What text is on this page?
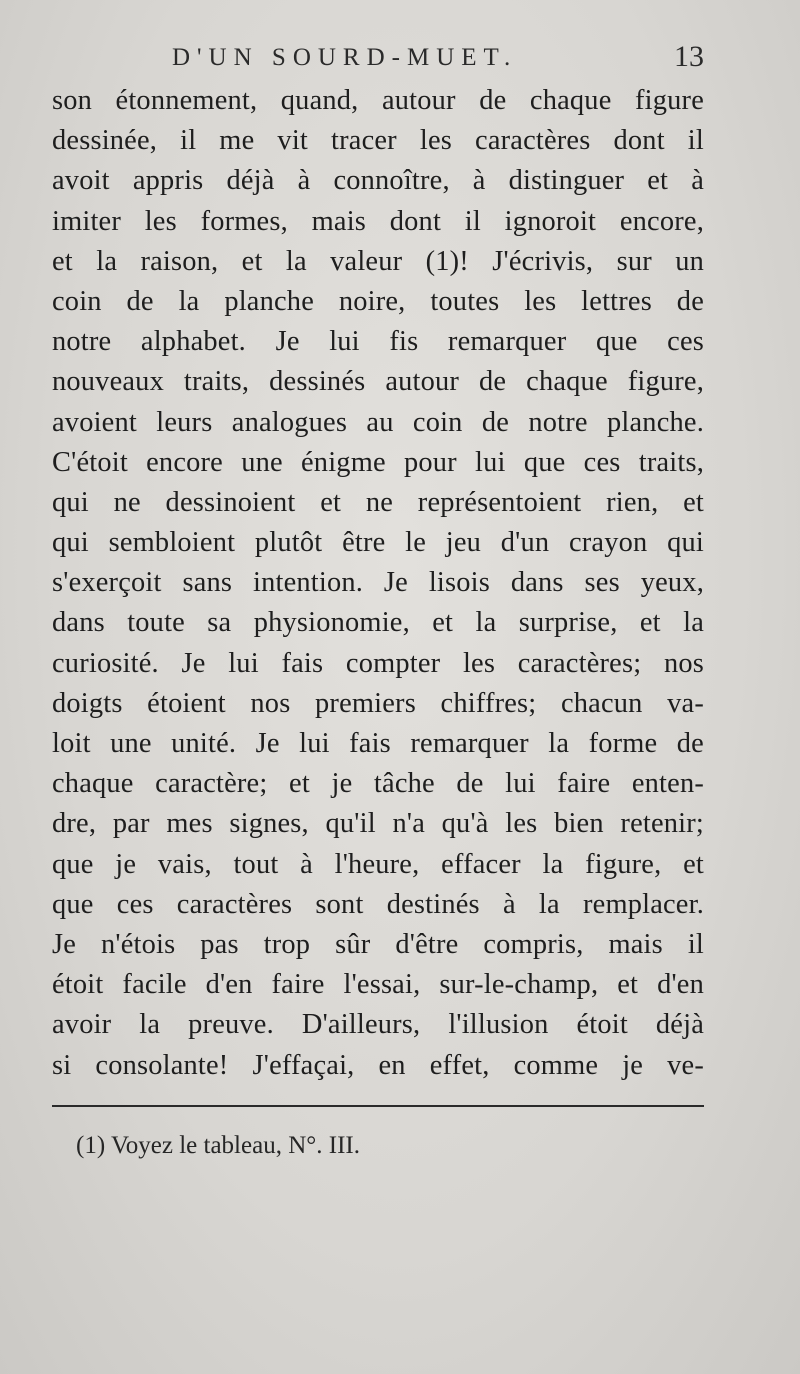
D'UN SOURD-MUET.	13
son étonnement, quand, autour de chaque figure
dessinée, il me vit tracer les caractères dont il
avoit appris déjà à connoître, à distinguer et à
imiter les formes, mais dont il ignoroit encore,
et la raison, et la valeur (1)! J'écrivis, sur un
coin de la planche noire, toutes les lettres de
notre alphabet. Je lui fis remarquer que ces
nouveaux traits, dessinés autour de chaque figure,
avoient leurs analogues au coin de notre planche.
C'étoit encore une énigme pour lui que ces traits,
qui ne dessinoient et ne représentoient rien, et
qui sembloient plutôt être le jeu d'un crayon qui
s'exerçoit sans intention. Je lisois dans ses yeux,
dans toute sa physionomie, et la surprise, et la
curiosité. Je lui fais compter les caractères; nos
doigts étoient nos premiers chiffres; chacun va-
loit une unité. Je lui fais remarquer la forme de
chaque caractère; et je tâche de lui faire enten-
dre, par mes signes, qu'il n'a qu'à les bien retenir;
que je vais, tout à l'heure, effacer la figure, et
que ces caractères sont destinés à la remplacer.
Je n'étois pas trop sûr d'être compris, mais il
étoit facile d'en faire l'essai, sur-le-champ, et d'en
avoir la preuve. D'ailleurs, l'illusion étoit déjà
si consolante! J'effaçai, en effet, comme je ve-
(1) Voyez le tableau, N°. III.
